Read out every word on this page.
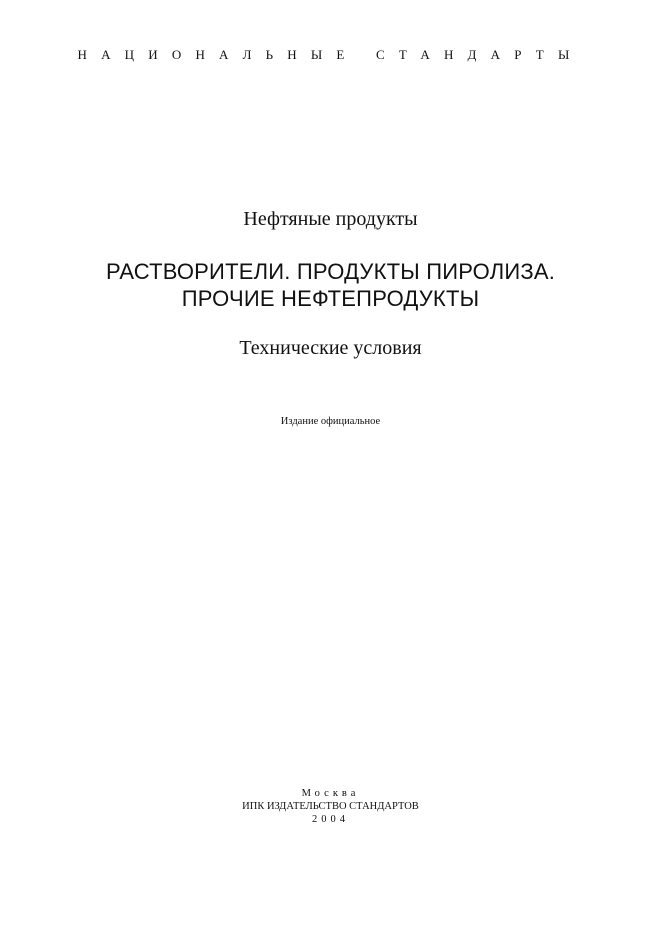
НАЦИОНАЛЬНЫЕ СТАНДАРТЫ
Нефтяные продукты
РАСТВОРИТЕЛИ. ПРОДУКТЫ ПИРОЛИЗА.
ПРОЧИЕ НЕФТЕПРОДУКТЫ
Технические условия
Издание официальное
Москва
ИПК ИЗДАТЕЛЬСТВО СТАНДАРТОВ
2004
